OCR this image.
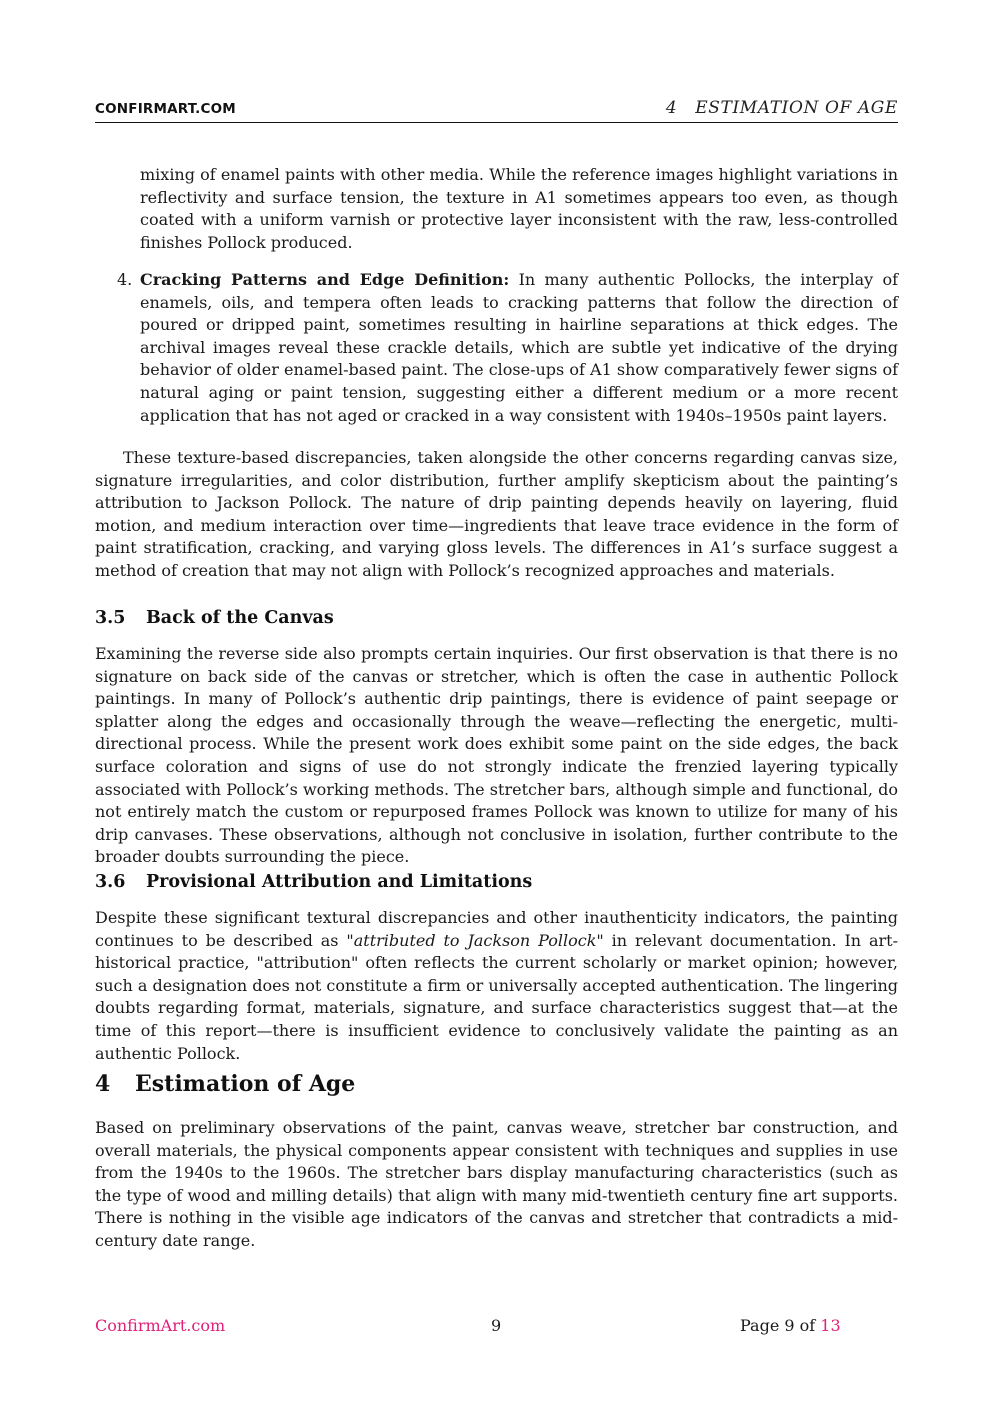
CONFIRMART.COM	4   ESTIMATION OF AGE

mixing of enamel paints with other media. While the reference images highlight variations in reflectivity and surface tension, the texture in A1 sometimes appears too even, as though coated with a uniform varnish or protective layer inconsistent with the raw, less-controlled finishes Pollock produced.

4. Cracking Patterns and Edge Definition: In many authentic Pollocks, the interplay of enamels, oils, and tempera often leads to cracking patterns that follow the direction of poured or dripped paint, sometimes resulting in hairline separations at thick edges. The archival images reveal these crackle details, which are subtle yet indicative of the drying behavior of older enamel-based paint. The close-ups of A1 show comparatively fewer signs of natural aging or paint tension, suggesting either a different medium or a more recent application that has not aged or cracked in a way consistent with 1940s–1950s paint layers.

These texture-based discrepancies, taken alongside the other concerns regarding canvas size, signature irregularities, and color distribution, further amplify skepticism about the painting’s attribution to Jackson Pollock. The nature of drip painting depends heavily on layering, fluid motion, and medium interaction over time—ingredients that leave trace evidence in the form of paint stratification, cracking, and varying gloss levels. The differences in A1’s surface suggest a method of creation that may not align with Pollock’s recognized approaches and materials.

3.5 Back of the Canvas

Examining the reverse side also prompts certain inquiries. Our first observation is that there is no signature on back side of the canvas or stretcher, which is often the case in authentic Pollock paintings. In many of Pollock’s authentic drip paintings, there is evidence of paint seepage or splatter along the edges and occasionally through the weave—reflecting the energetic, multi-directional process. While the present work does exhibit some paint on the side edges, the back surface coloration and signs of use do not strongly indicate the frenzied layering typically associated with Pollock’s working methods. The stretcher bars, although simple and functional, do not entirely match the custom or repurposed frames Pollock was known to utilize for many of his drip canvases. These observations, although not conclusive in isolation, further contribute to the broader doubts surrounding the piece.

3.6 Provisional Attribution and Limitations

Despite these significant textural discrepancies and other inauthenticity indicators, the painting continues to be described as "attributed to Jackson Pollock" in relevant documentation. In art-historical practice, "attribution" often reflects the current scholarly or market opinion; however, such a designation does not constitute a firm or universally accepted authentication. The lingering doubts regarding format, materials, signature, and surface characteristics suggest that—at the time of this report—there is insufficient evidence to conclusively validate the painting as an authentic Pollock.

4 Estimation of Age

Based on preliminary observations of the paint, canvas weave, stretcher bar construction, and overall materials, the physical components appear consistent with techniques and supplies in use from the 1940s to the 1960s. The stretcher bars display manufacturing characteristics (such as the type of wood and milling details) that align with many mid-twentieth century fine art supports. There is nothing in the visible age indicators of the canvas and stretcher that contradicts a mid-century date range.

ConfirmArt.com	9	Page 9 of 13
